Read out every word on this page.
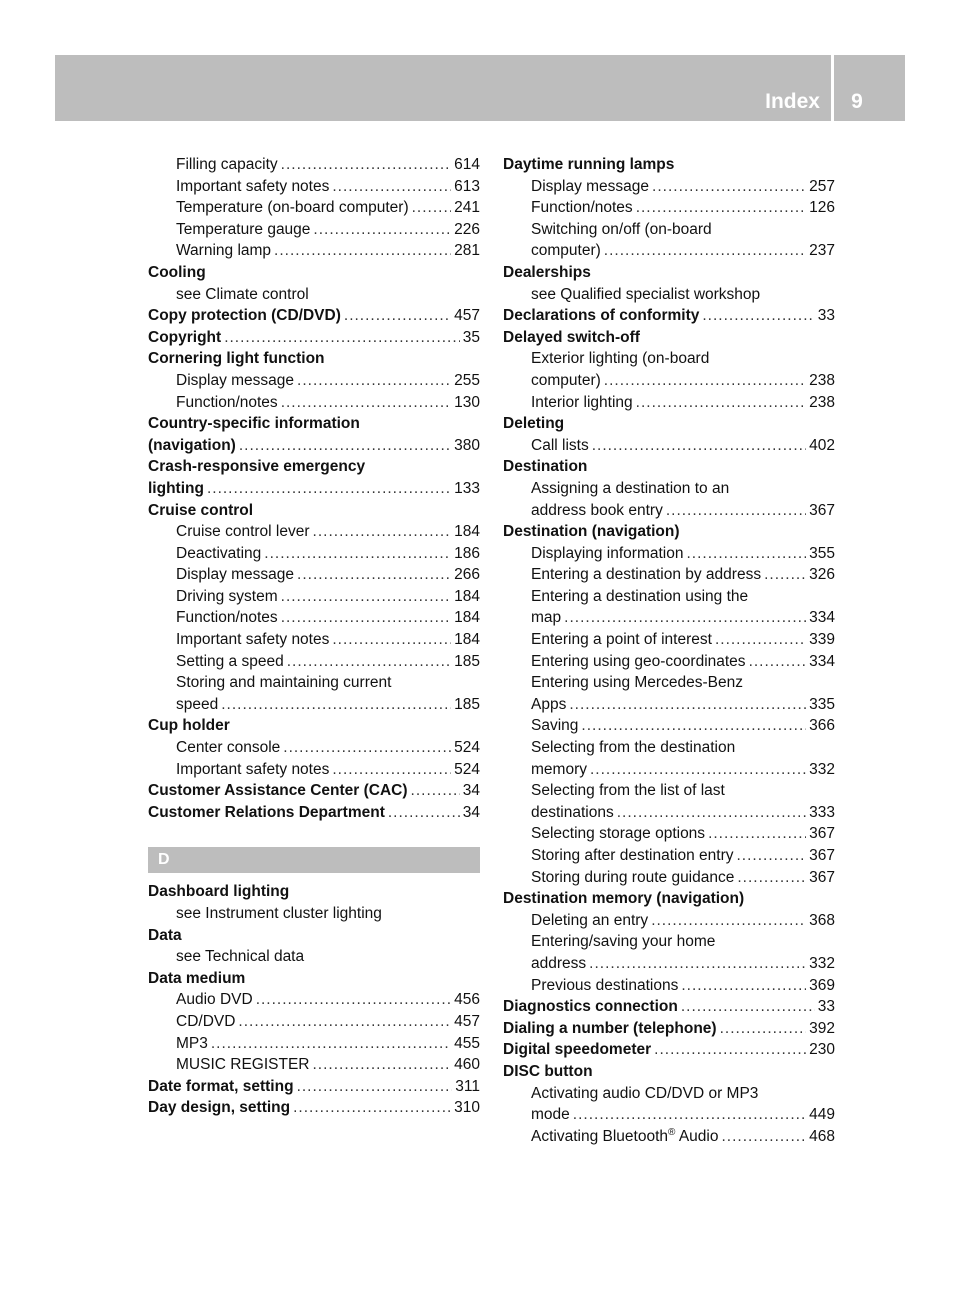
Index	9
Filling capacity .....	614
Important safety notes .....	613
Temperature (on-board computer) .....	241
Temperature gauge .....	226
Warning lamp .....	281
Cooling
see Climate control
Copy protection (CD/DVD) .....	457
Copyright .....	35
Cornering light function
Display message .....	255
Function/notes .....	130
Country-specific information
(navigation) .....	380
Crash-responsive emergency
lighting .....	133
Cruise control
Cruise control lever .....	184
Deactivating .....	186
Display message .....	266
Driving system .....	184
Function/notes .....	184
Important safety notes .....	184
Setting a speed .....	185
Storing and maintaining current
speed .....	185
Cup holder
Center console .....	524
Important safety notes .....	524
Customer Assistance Center (CAC) .....	34
Customer Relations Department .....	34
D
Dashboard lighting
see Instrument cluster lighting
Data
see Technical data
Data medium
Audio DVD .....	456
CD/DVD .....	457
MP3 .....	455
MUSIC REGISTER .....	460
Date format, setting .....	311
Day design, setting .....	310
Daytime running lamps
Display message .....	257
Function/notes .....	126
Switching on/off (on-board
computer) .....	237
Dealerships
see Qualified specialist workshop
Declarations of conformity .....	33
Delayed switch-off
Exterior lighting (on-board
computer) .....	238
Interior lighting .....	238
Deleting
Call lists .....	402
Destination
Assigning a destination to an
address book entry .....	367
Destination (navigation)
Displaying information .....	355
Entering a destination by address .....	326
Entering a destination using the
map .....	334
Entering a point of interest .....	339
Entering using geo-coordinates .....	334
Entering using Mercedes-Benz
Apps .....	335
Saving .....	366
Selecting from the destination
memory .....	332
Selecting from the list of last
destinations .....	333
Selecting storage options .....	367
Storing after destination entry .....	367
Storing during route guidance .....	367
Destination memory (navigation)
Deleting an entry .....	368
Entering/saving your home
address .....	332
Previous destinations .....	369
Diagnostics connection .....	33
Dialing a number (telephone) .....	392
Digital speedometer .....	230
DISC button
Activating audio CD/DVD or MP3
mode .....	449
Activating Bluetooth® Audio .....	468
